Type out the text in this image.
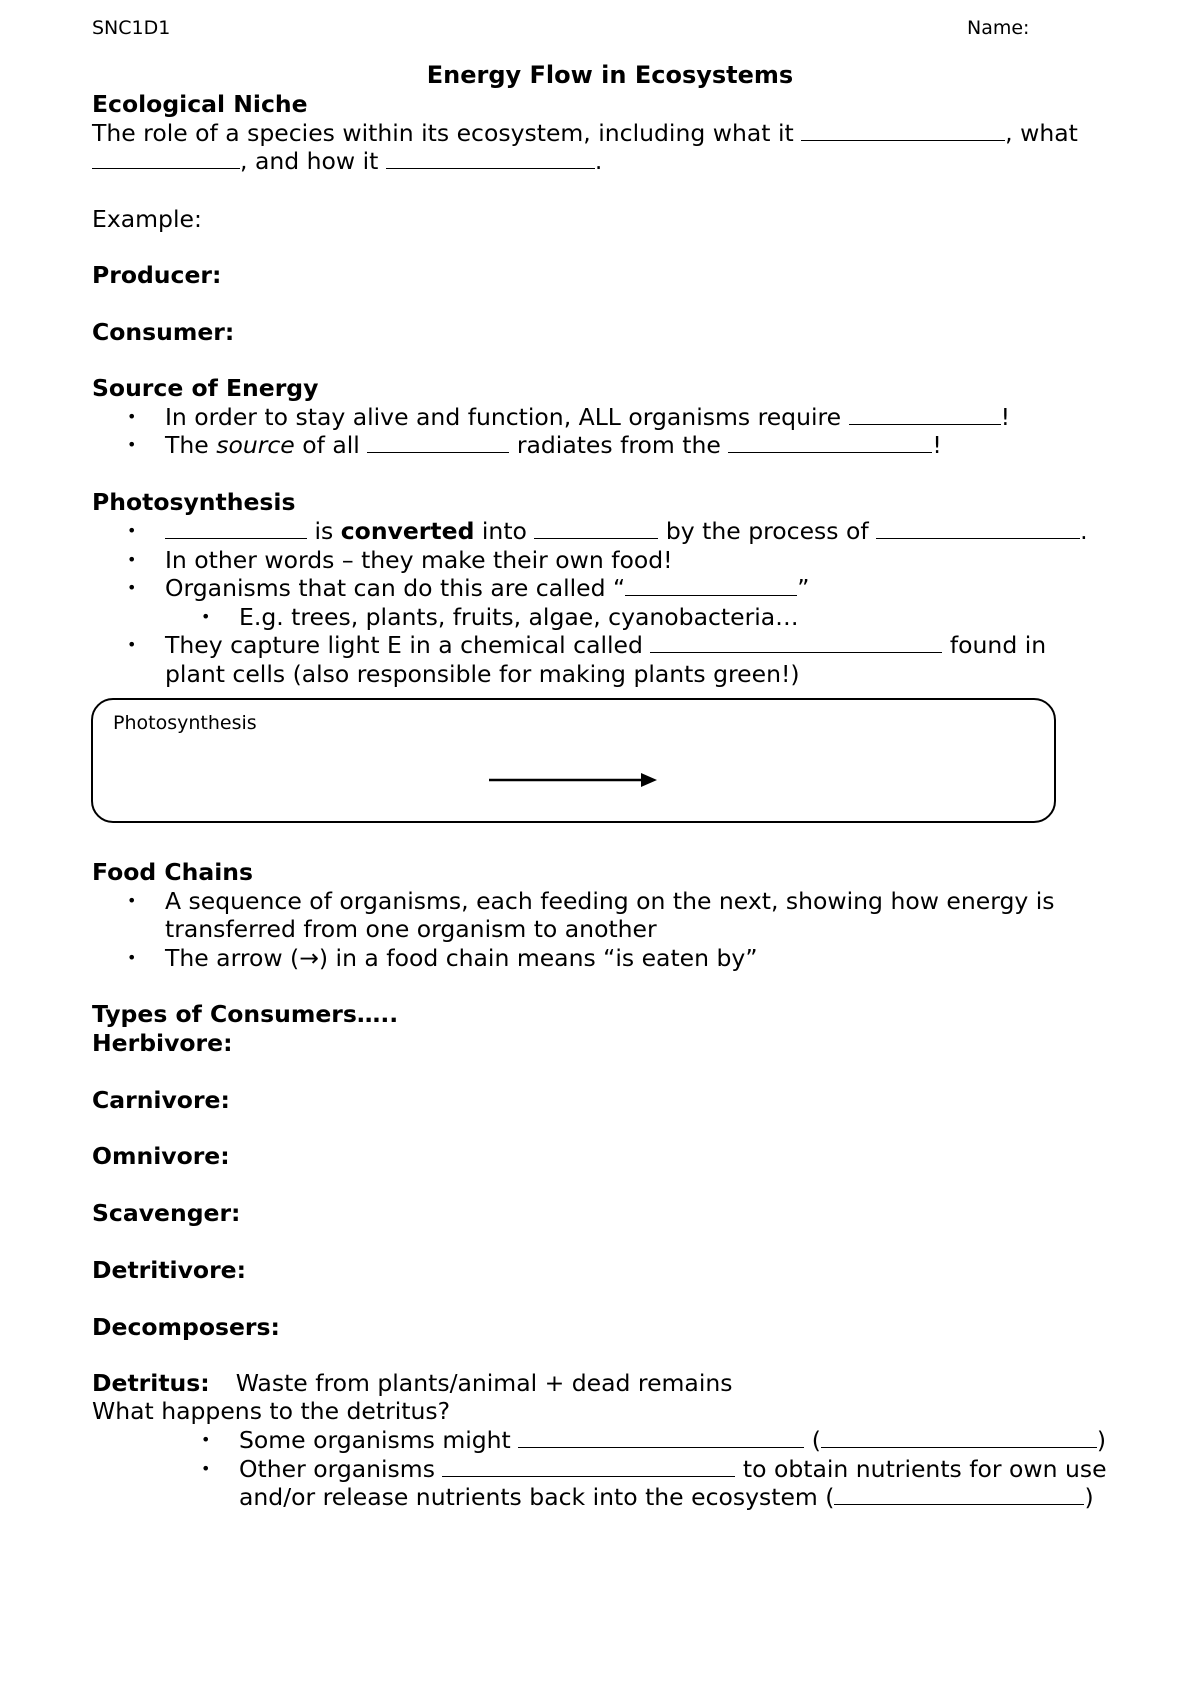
SNC1D1	Name:
Energy Flow in Ecosystems
Ecological Niche
The role of a species within its ecosystem, including what it	, what
, and how it	.
Example:
Producer:
Consumer:
Source of Energy
• In order to stay alive and function, ALL organisms require	!
• The source of all	radiates from the	!
Photosynthesis
•	is converted into	by the process of	.
• In other words – they make their own food!
• Organisms that can do this are called “	”
• E.g. trees, plants, fruits, algae, cyanobacteria…
• They capture light E in a chemical called	found in
plant cells (also responsible for making plants green!)
Photosynthesis
Food Chains
• A sequence of organisms, each feeding on the next, showing how energy is
transferred from one organism to another
• The arrow (→) in a food chain means “is eaten by”
Types of Consumers…..
Herbivore:
Carnivore:
Omnivore:
Scavenger:
Detritivore:
Decomposers:
Detritus: Waste from plants/animal + dead remains
What happens to the detritus?
• Some organisms might	(	)
• Other organisms	to obtain nutrients for own use
and/or release nutrients back into the ecosystem (	)
